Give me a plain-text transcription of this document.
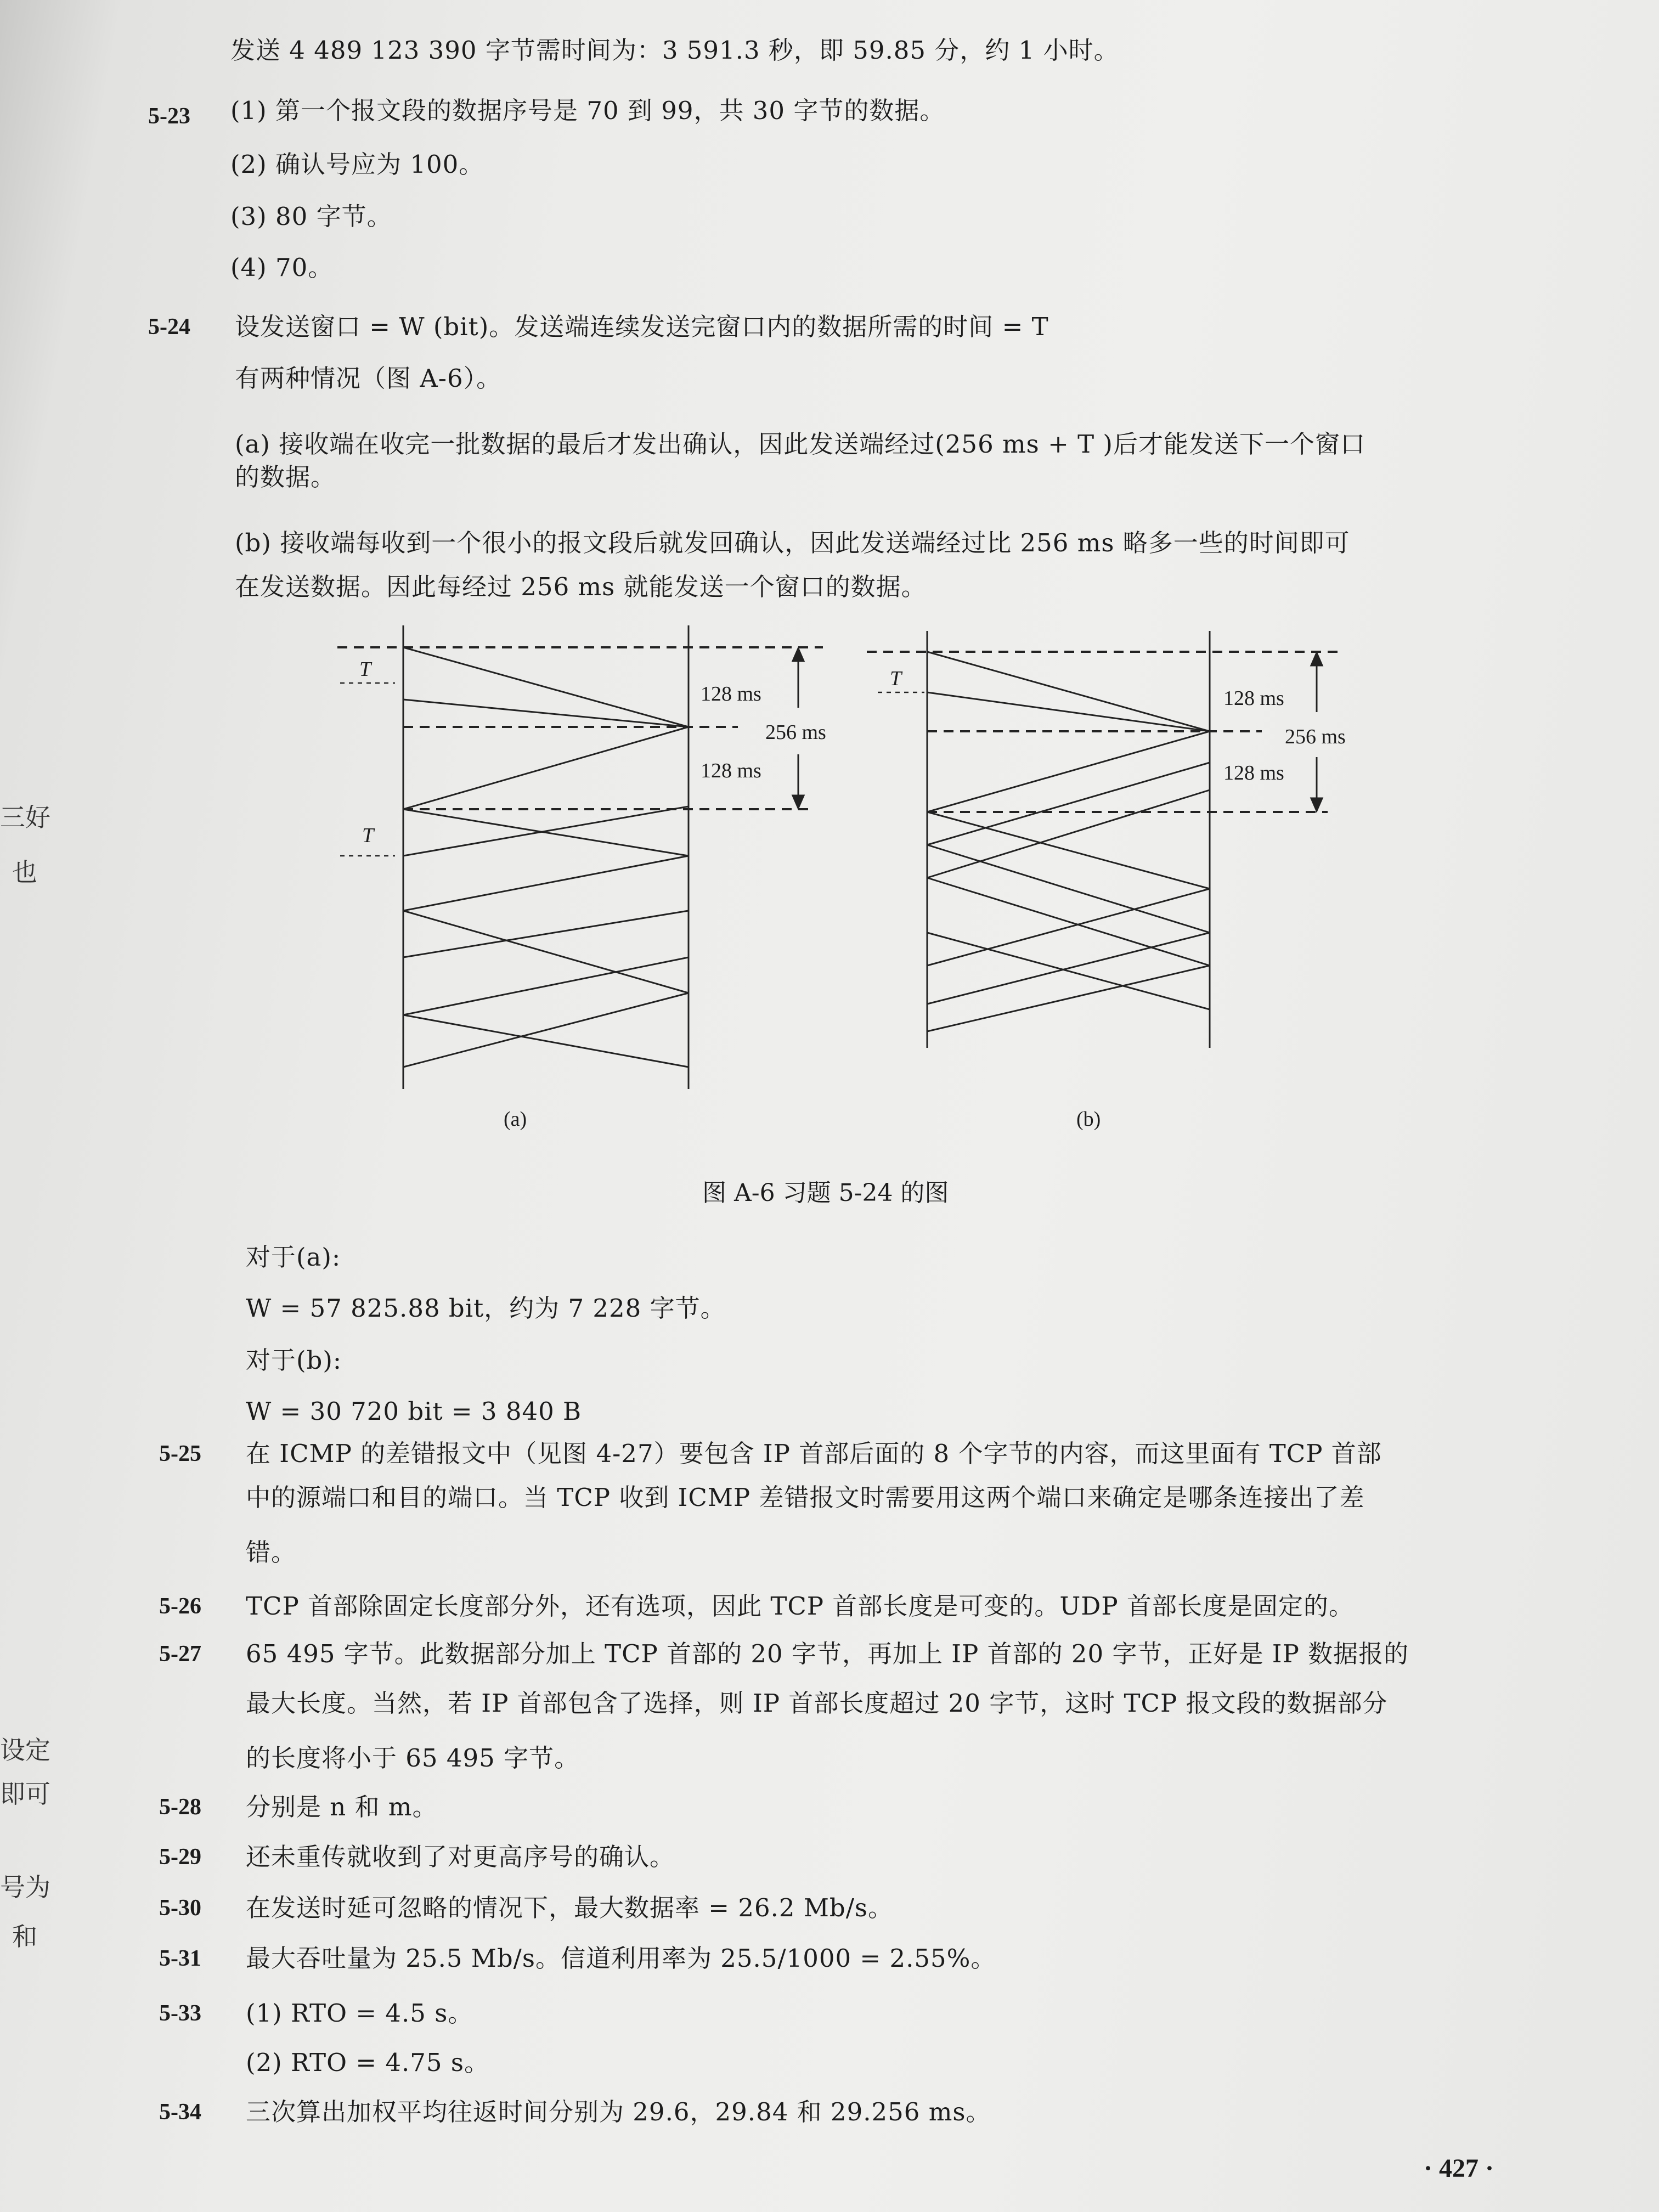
三好
也
设定
即可
号为
和
发送 4 489 123 390 字节需时间为：3 591.3 秒，即 59.85 分，约 1 小时。
5-23 (1) 第一个报文段的数据序号是 70 到 99，共 30 字节的数据。
(2) 确认号应为 100。
(3) 80 字节。
(4) 70。
5-24 设发送窗口 = W (bit)。发送端连续发送完窗口内的数据所需的时间 = T
有两种情况（图 A-6）。
(a) 接收端在收完一批数据的最后才发出确认，因此发送端经过(256 ms + T )后才能发送下一个窗口
的数据。
(b) 接收端每收到一个很小的报文段后就发回确认，因此发送端经过比 256 ms 略多一些的时间即可
在发送数据。因此每经过 256 ms 就能发送一个窗口的数据。
T
T
T
128 ms
256 ms
128 ms
128 ms
256 ms
128 ms
(a)	(b)
图 A-6 习题 5-24 的图
对于(a):
W = 57 825.88 bit，约为 7 228 字节。
对于(b):
W = 30 720 bit = 3 840 B
5-25 在 ICMP 的差错报文中（见图 4-27）要包含 IP 首部后面的 8 个字节的内容，而这里面有 TCP 首部
中的源端口和目的端口。当 TCP 收到 ICMP 差错报文时需要用这两个端口来确定是哪条连接出了差
错。
5-26 TCP 首部除固定长度部分外，还有选项，因此 TCP 首部长度是可变的。UDP 首部长度是固定的。
5-27 65 495 字节。此数据部分加上 TCP 首部的 20 字节，再加上 IP 首部的 20 字节，正好是 IP 数据报的
最大长度。当然，若 IP 首部包含了选择，则 IP 首部长度超过 20 字节，这时 TCP 报文段的数据部分
的长度将小于 65 495 字节。
5-28 分别是 n 和 m。
5-29 还未重传就收到了对更高序号的确认。
5-30 在发送时延可忽略的情况下，最大数据率 = 26.2 Mb/s。
5-31 最大吞吐量为 25.5 Mb/s。信道利用率为 25.5/1000 = 2.55%。
5-33 (1) RTO = 4.5 s。
(2) RTO = 4.75 s。
5-34 三次算出加权平均往返时间分别为 29.6，29.84 和 29.256 ms。
· 427 ·
